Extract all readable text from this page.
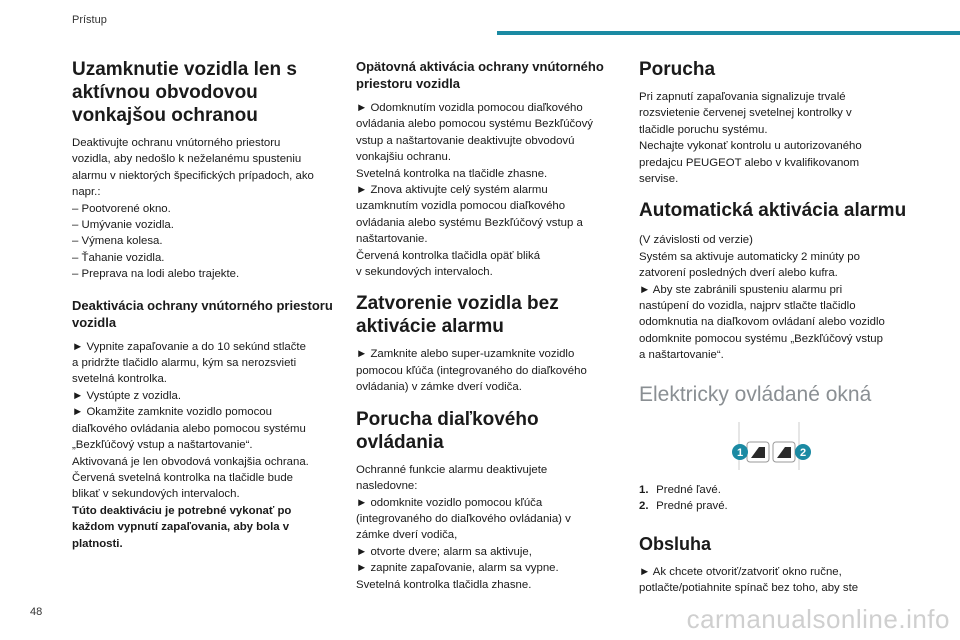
Prístup
Uzamknutie vozidla len s aktívnou obvodovou vonkajšou ochranou
Deaktivujte ochranu vnútorného priestoru
vozidla, aby nedošlo k neželanému spusteniu
alarmu v niektorých špecifických prípadoch, ako
napr.:
– Pootvorené okno.
– Umývanie vozidla.
– Výmena kolesa.
– Ťahanie vozidla.
– Preprava na lodi alebo trajekte.
Deaktivácia ochrany vnútorného priestoru vozidla
► Vypnite zapaľovanie a do 10 sekúnd stlačte
a pridržte tlačidlo alarmu, kým sa nerozsvieti
svetelná kontrolka.
► Vystúpte z vozidla.
► Okamžite zamknite vozidlo pomocou
diaľkového ovládania alebo pomocou systému
„Bezkľúčový vstup a naštartovanie“.
Aktivovaná je len obvodová vonkajšia ochrana.
Červená svetelná kontrolka na tlačidle bude
blikať v sekundových intervaloch.
Túto deaktiváciu je potrebné vykonať po
každom vypnutí zapaľovania, aby bola v
platnosti.
Opätovná aktivácia ochrany vnútorného priestoru vozidla
► Odomknutím vozidla pomocou diaľkového
ovládania alebo pomocou systému Bezkľúčový
vstup a naštartovanie deaktivujte obvodovú
vonkajšiu ochranu.
Svetelná kontrolka na tlačidle zhasne.
► Znova aktivujte celý systém alarmu
uzamknutím vozidla pomocou diaľkového
ovládania alebo systému Bezkľúčový vstup a
naštartovanie.
Červená kontrolka tlačidla opäť bliká
v sekundových intervaloch.
Zatvorenie vozidla bez aktivácie alarmu
► Zamknite alebo super-uzamknite vozidlo
pomocou kľúča (integrovaného do diaľkového
ovládania) v zámke dverí vodiča.
Porucha diaľkového ovládania
Ochranné funkcie alarmu deaktivujete
nasledovne:
► odomknite vozidlo pomocou kľúča
(integrovaného do diaľkového ovládania) v
zámke dverí vodiča,
► otvorte dvere; alarm sa aktivuje,
► zapnite zapaľovanie, alarm sa vypne.
Svetelná kontrolka tlačidla zhasne.
Porucha
Pri zapnutí zapaľovania signalizuje trvalé
rozsvietenie červenej svetelnej kontrolky v
tlačidle poruchu systému.
Nechajte vykonať kontrolu u autorizovaného
predajcu PEUGEOT alebo v kvalifikovanom
servise.
Automatická aktivácia alarmu
(V závislosti od verzie)
Systém sa aktivuje automaticky 2 minúty po
zatvorení posledných dverí alebo kufra.
► Aby ste zabránili spusteniu alarmu pri
nastúpení do vozidla, najprv stlačte tlačidlo
odomknutia na diaľkovom ovládaní alebo vozidlo
odomknite pomocou systému „Bezkľúčový vstup
a naštartovanie“.
Elektricky ovládané okná
1	2
1. Predné ľavé.
2. Predné pravé.
Obsluha
► Ak chcete otvoriť/zatvoriť okno ručne,
potlačte/potiahnite spínač bez toho, aby ste
48	carmanualsonline.info
